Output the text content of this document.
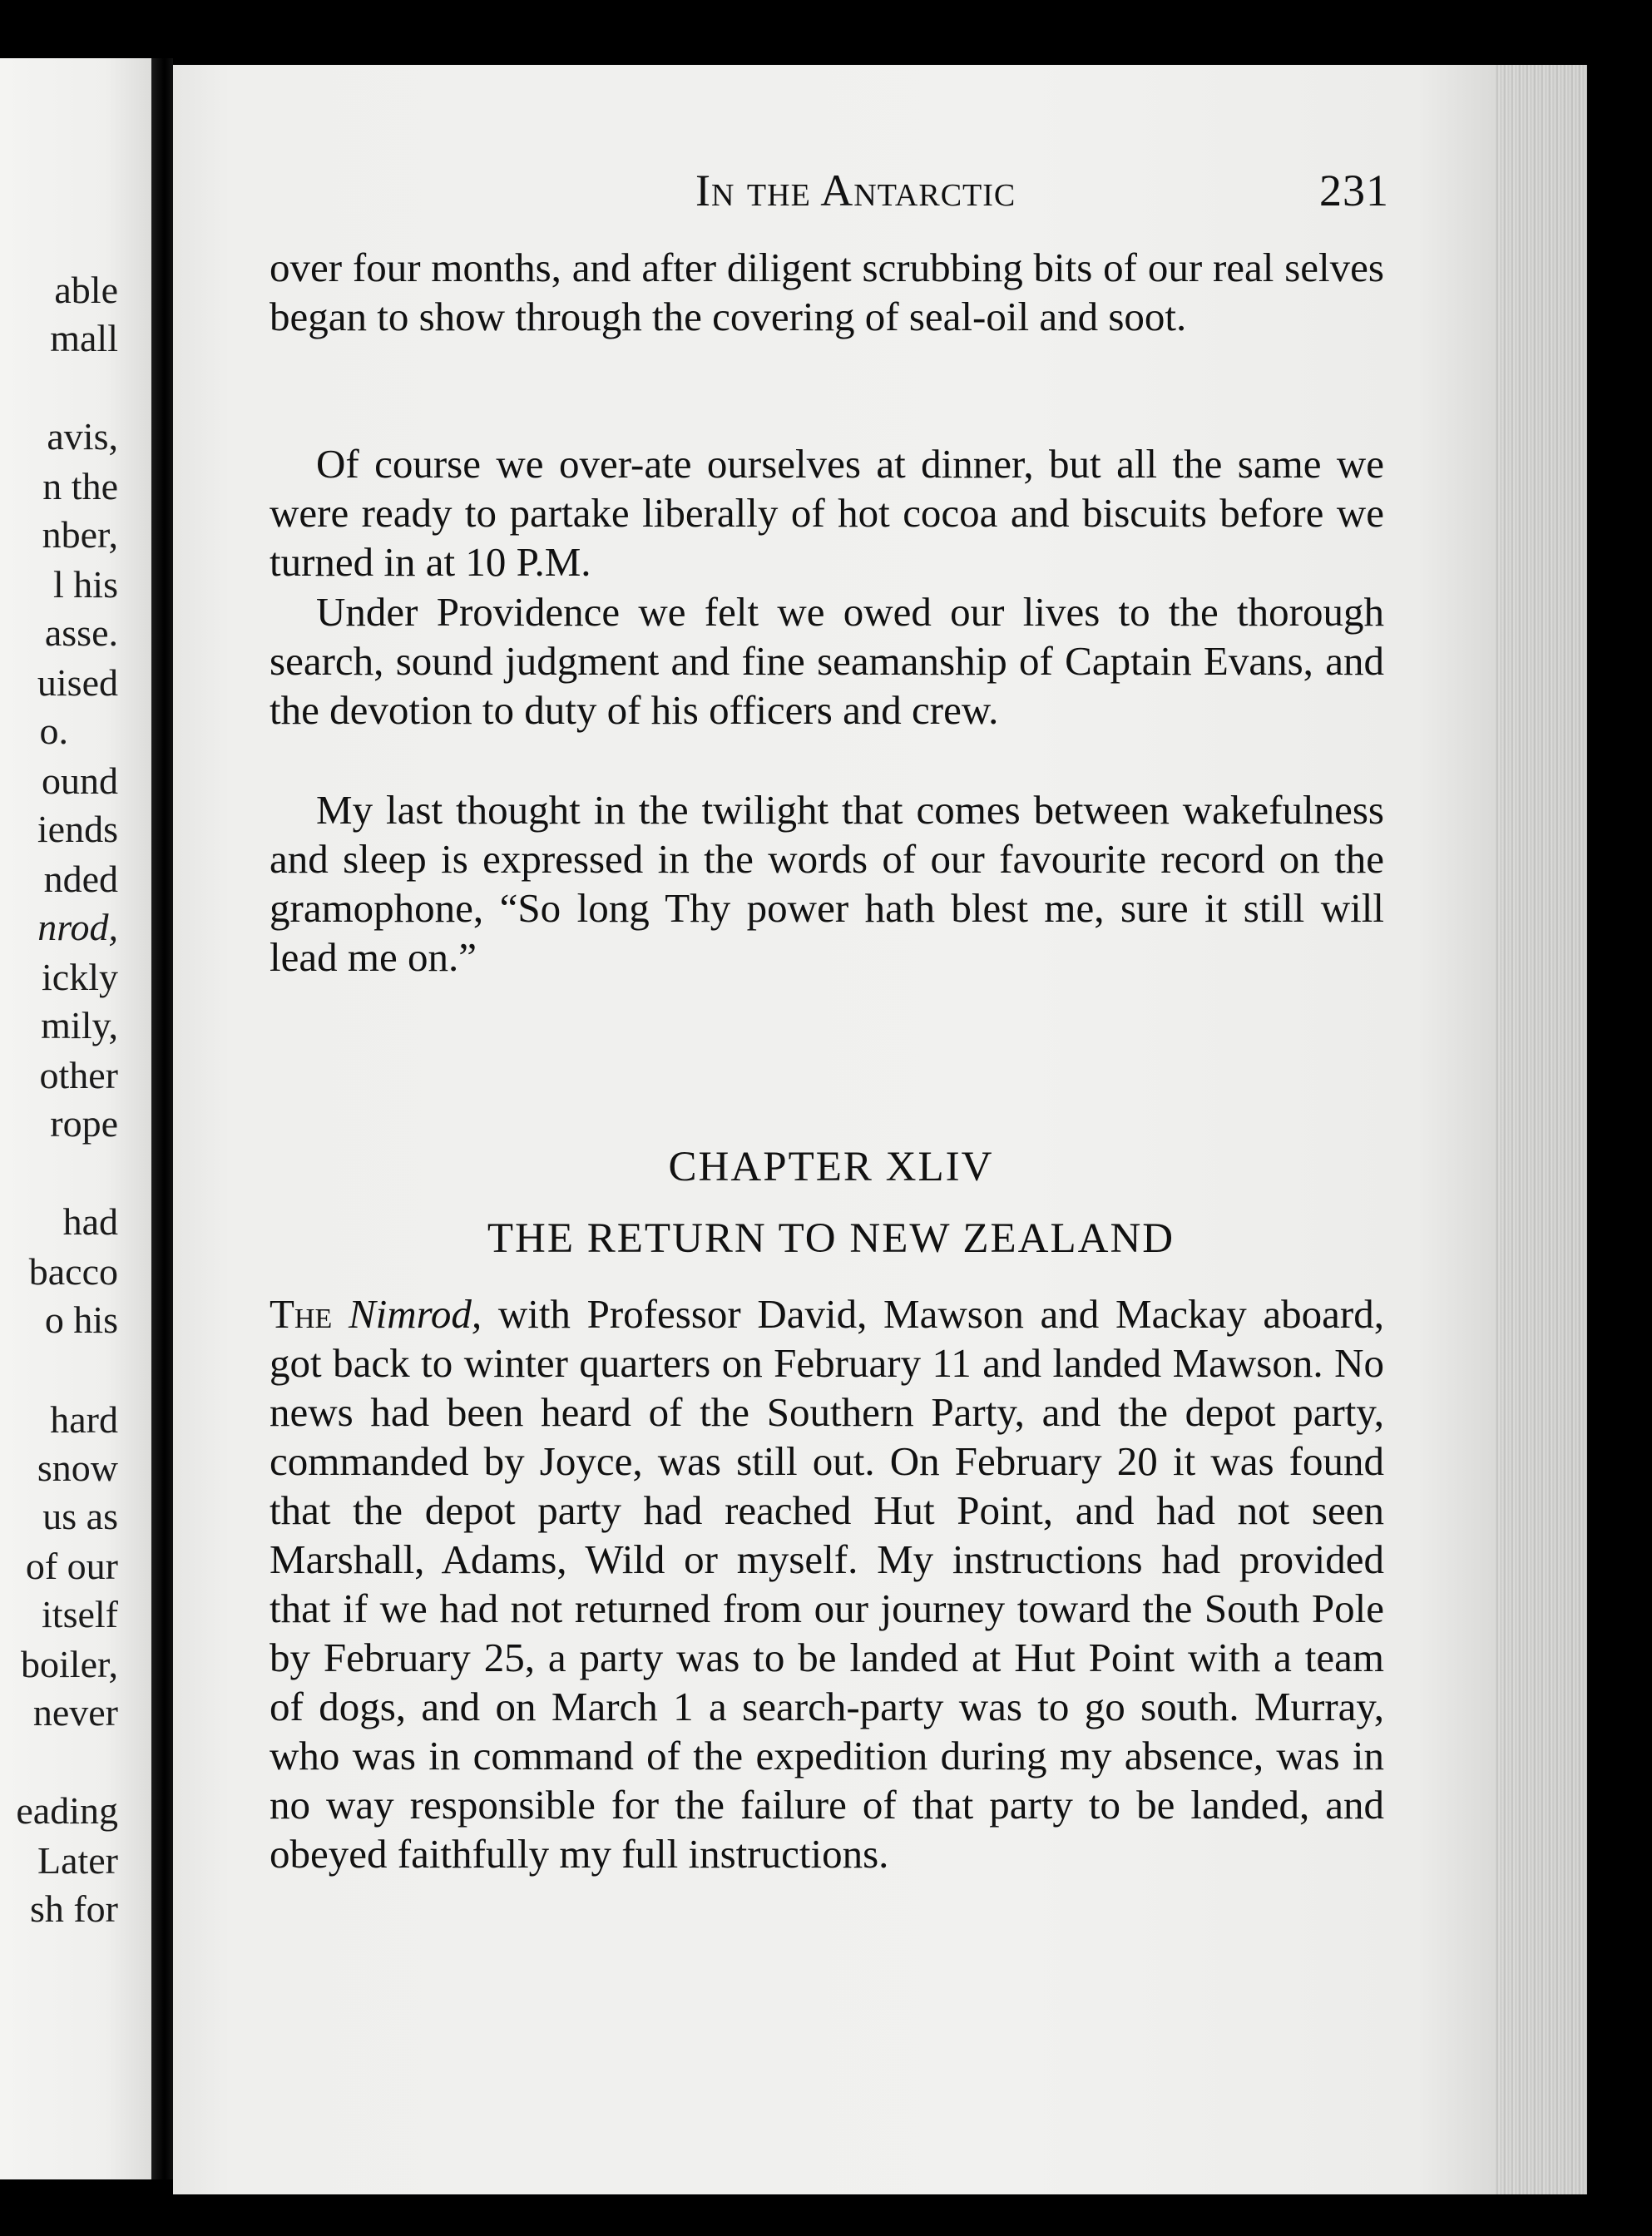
able
mall
avis,
n the
nber,
l his
asse.
uised
o.
ound
iends
nded
nrod,
ickly
mily,
other
rope
had
bacco
o his
hard
snow
us as
of our
itself
boiler,
never
eading
Later
sh for
In the Antarctic	231

over four months, and after diligent scrubbing bits of our real selves began to show through the covering of seal-oil and soot.

Of course we over-ate ourselves at dinner, but all the same we were ready to partake liberally of hot cocoa and biscuits before we turned in at 10 P.M.

Under Providence we felt we owed our lives to the thorough search, sound judgment and fine seamanship of Captain Evans, and the devotion to duty of his officers and crew.

My last thought in the twilight that comes between wakefulness and sleep is expressed in the words of our favourite record on the gramophone, “So long Thy power hath blest me, sure it still will lead me on.”

CHAPTER XLIV
THE RETURN TO NEW ZEALAND

The Nimrod, with Professor David, Mawson and Mackay aboard, got back to winter quarters on February 11 and landed Mawson. No news had been heard of the Southern Party, and the depot party, commanded by Joyce, was still out. On February 20 it was found that the depot party had reached Hut Point, and had not seen Marshall, Adams, Wild or myself. My instructions had provided that if we had not returned from our journey toward the South Pole by February 25, a party was to be landed at Hut Point with a team of dogs, and on March 1 a search-party was to go south. Murray, who was in command of the expedition during my absence, was in no way responsible for the failure of that party to be landed, and obeyed faithfully my full instructions.
